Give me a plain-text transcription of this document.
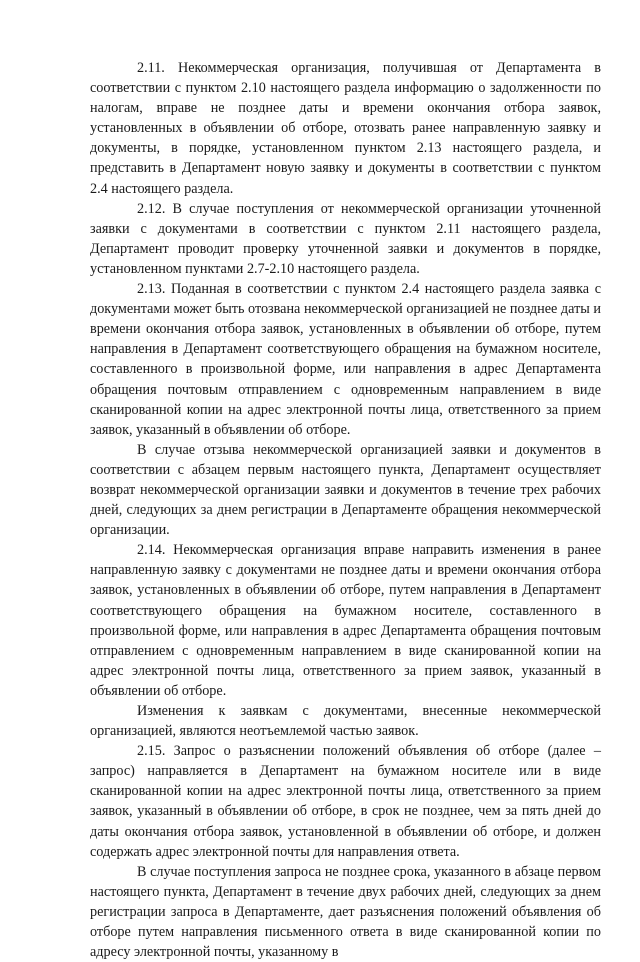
2.11. Некоммерческая организация, получившая от Департамента в соответствии с пунктом 2.10 настоящего раздела информацию о задолженности по налогам, вправе не позднее даты и времени окончания отбора заявок, установленных в объявлении об отборе, отозвать ранее направленную заявку и документы, в порядке, установленном пунктом 2.13 настоящего раздела, и представить в Департамент новую заявку и документы в соответствии с пунктом 2.4 настоящего раздела.

2.12. В случае поступления от некоммерческой организации уточненной заявки с документами в соответствии с пунктом 2.11 настоящего раздела, Департамент проводит проверку уточненной заявки и документов в порядке, установленном пунктами 2.7-2.10 настоящего раздела.

2.13. Поданная в соответствии с пунктом 2.4 настоящего раздела заявка с документами может быть отозвана некоммерческой организацией не позднее даты и времени окончания отбора заявок, установленных в объявлении об отборе, путем направления в Департамент соответствующего обращения на бумажном носителе, составленного в произвольной форме, или направления в адрес Департамента обращения почтовым отправлением с одновременным направлением в виде сканированной копии на адрес электронной почты лица, ответственного за прием заявок, указанный в объявлении об отборе.

В случае отзыва некоммерческой организацией заявки и документов в соответствии с абзацем первым настоящего пункта, Департамент осуществляет возврат некоммерческой организации заявки и документов в течение трех рабочих дней, следующих за днем регистрации в Департаменте обращения некоммерческой организации.

2.14. Некоммерческая организация вправе направить изменения в ранее направленную заявку с документами не позднее даты и времени окончания отбора заявок, установленных в объявлении об отборе, путем направления в Департамент соответствующего обращения на бумажном носителе, составленного в произвольной форме, или направления в адрес Департамента обращения почтовым отправлением с одновременным направлением в виде сканированной копии на адрес электронной почты лица, ответственного за прием заявок, указанный в объявлении об отборе.

Изменения к заявкам с документами, внесенные некоммерческой организацией, являются неотъемлемой частью заявок.

2.15. Запрос о разъяснении положений объявления об отборе (далее – запрос) направляется в Департамент на бумажном носителе или в виде сканированной копии на адрес электронной почты лица, ответственного за прием заявок, указанный в объявлении об отборе, в срок не позднее, чем за пять дней до даты окончания отбора заявок, установленной в объявлении об отборе, и должен содержать адрес электронной почты для направления ответа.

В случае поступления запроса не позднее срока, указанного в абзаце первом настоящего пункта, Департамент в течение двух рабочих дней, следующих за днем регистрации запроса в Департаменте, дает разъяснения положений объявления об отборе путем направления письменного ответа в виде сканированной копии по адресу электронной почты, указанному в
